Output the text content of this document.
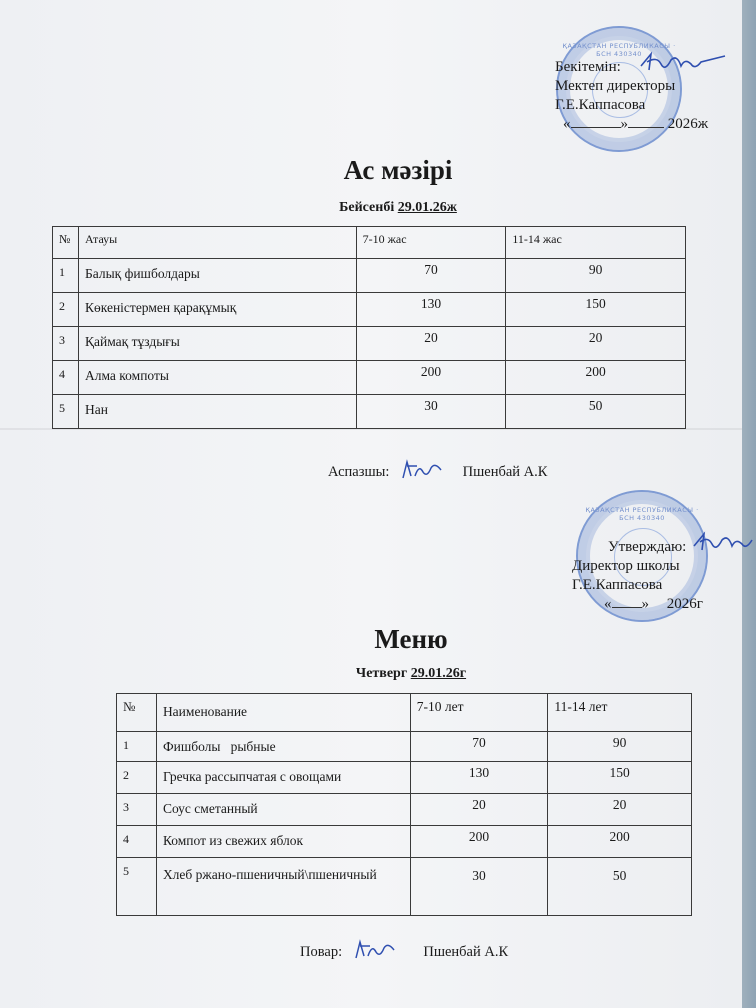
ҚАЗАҚСТАН РЕСПУБЛИКАСЫ · БСН 430340
Бекітемін:
Мектеп директоры
Г.Е.Каппасова
«	»	2026ж
Ас мәзірі
Бейсенбі 29.01.26ж
№	Атауы	7-10 жас	11-14 жас
1	Балық фишболдары	70	90
2	Көкеністермен қарақұмық	130	150
3	Қаймақ тұздығы	20	20
4	Алма компоты	200	200
5	Нан	30	50
Аспазшы:	Пшенбай А.К
ҚАЗАҚСТАН РЕСПУБЛИКАСЫ · БСН 430340
Утверждаю:
Директор школы
Г.Е.Каппасова
« » 2026г
Меню
Четверг 29.01.26г
№	Наименование	7-10 лет	11-14 лет
1	Фишболы   рыбные	70	90
2	Гречка рассыпчатая с овощами	130	150
3	Соус сметанный	20	20
4	Компот из свежих яблок	200	200
5	Хлеб ржано-пшеничный\пшеничный	30	50
Повар:	Пшенбай А.К
